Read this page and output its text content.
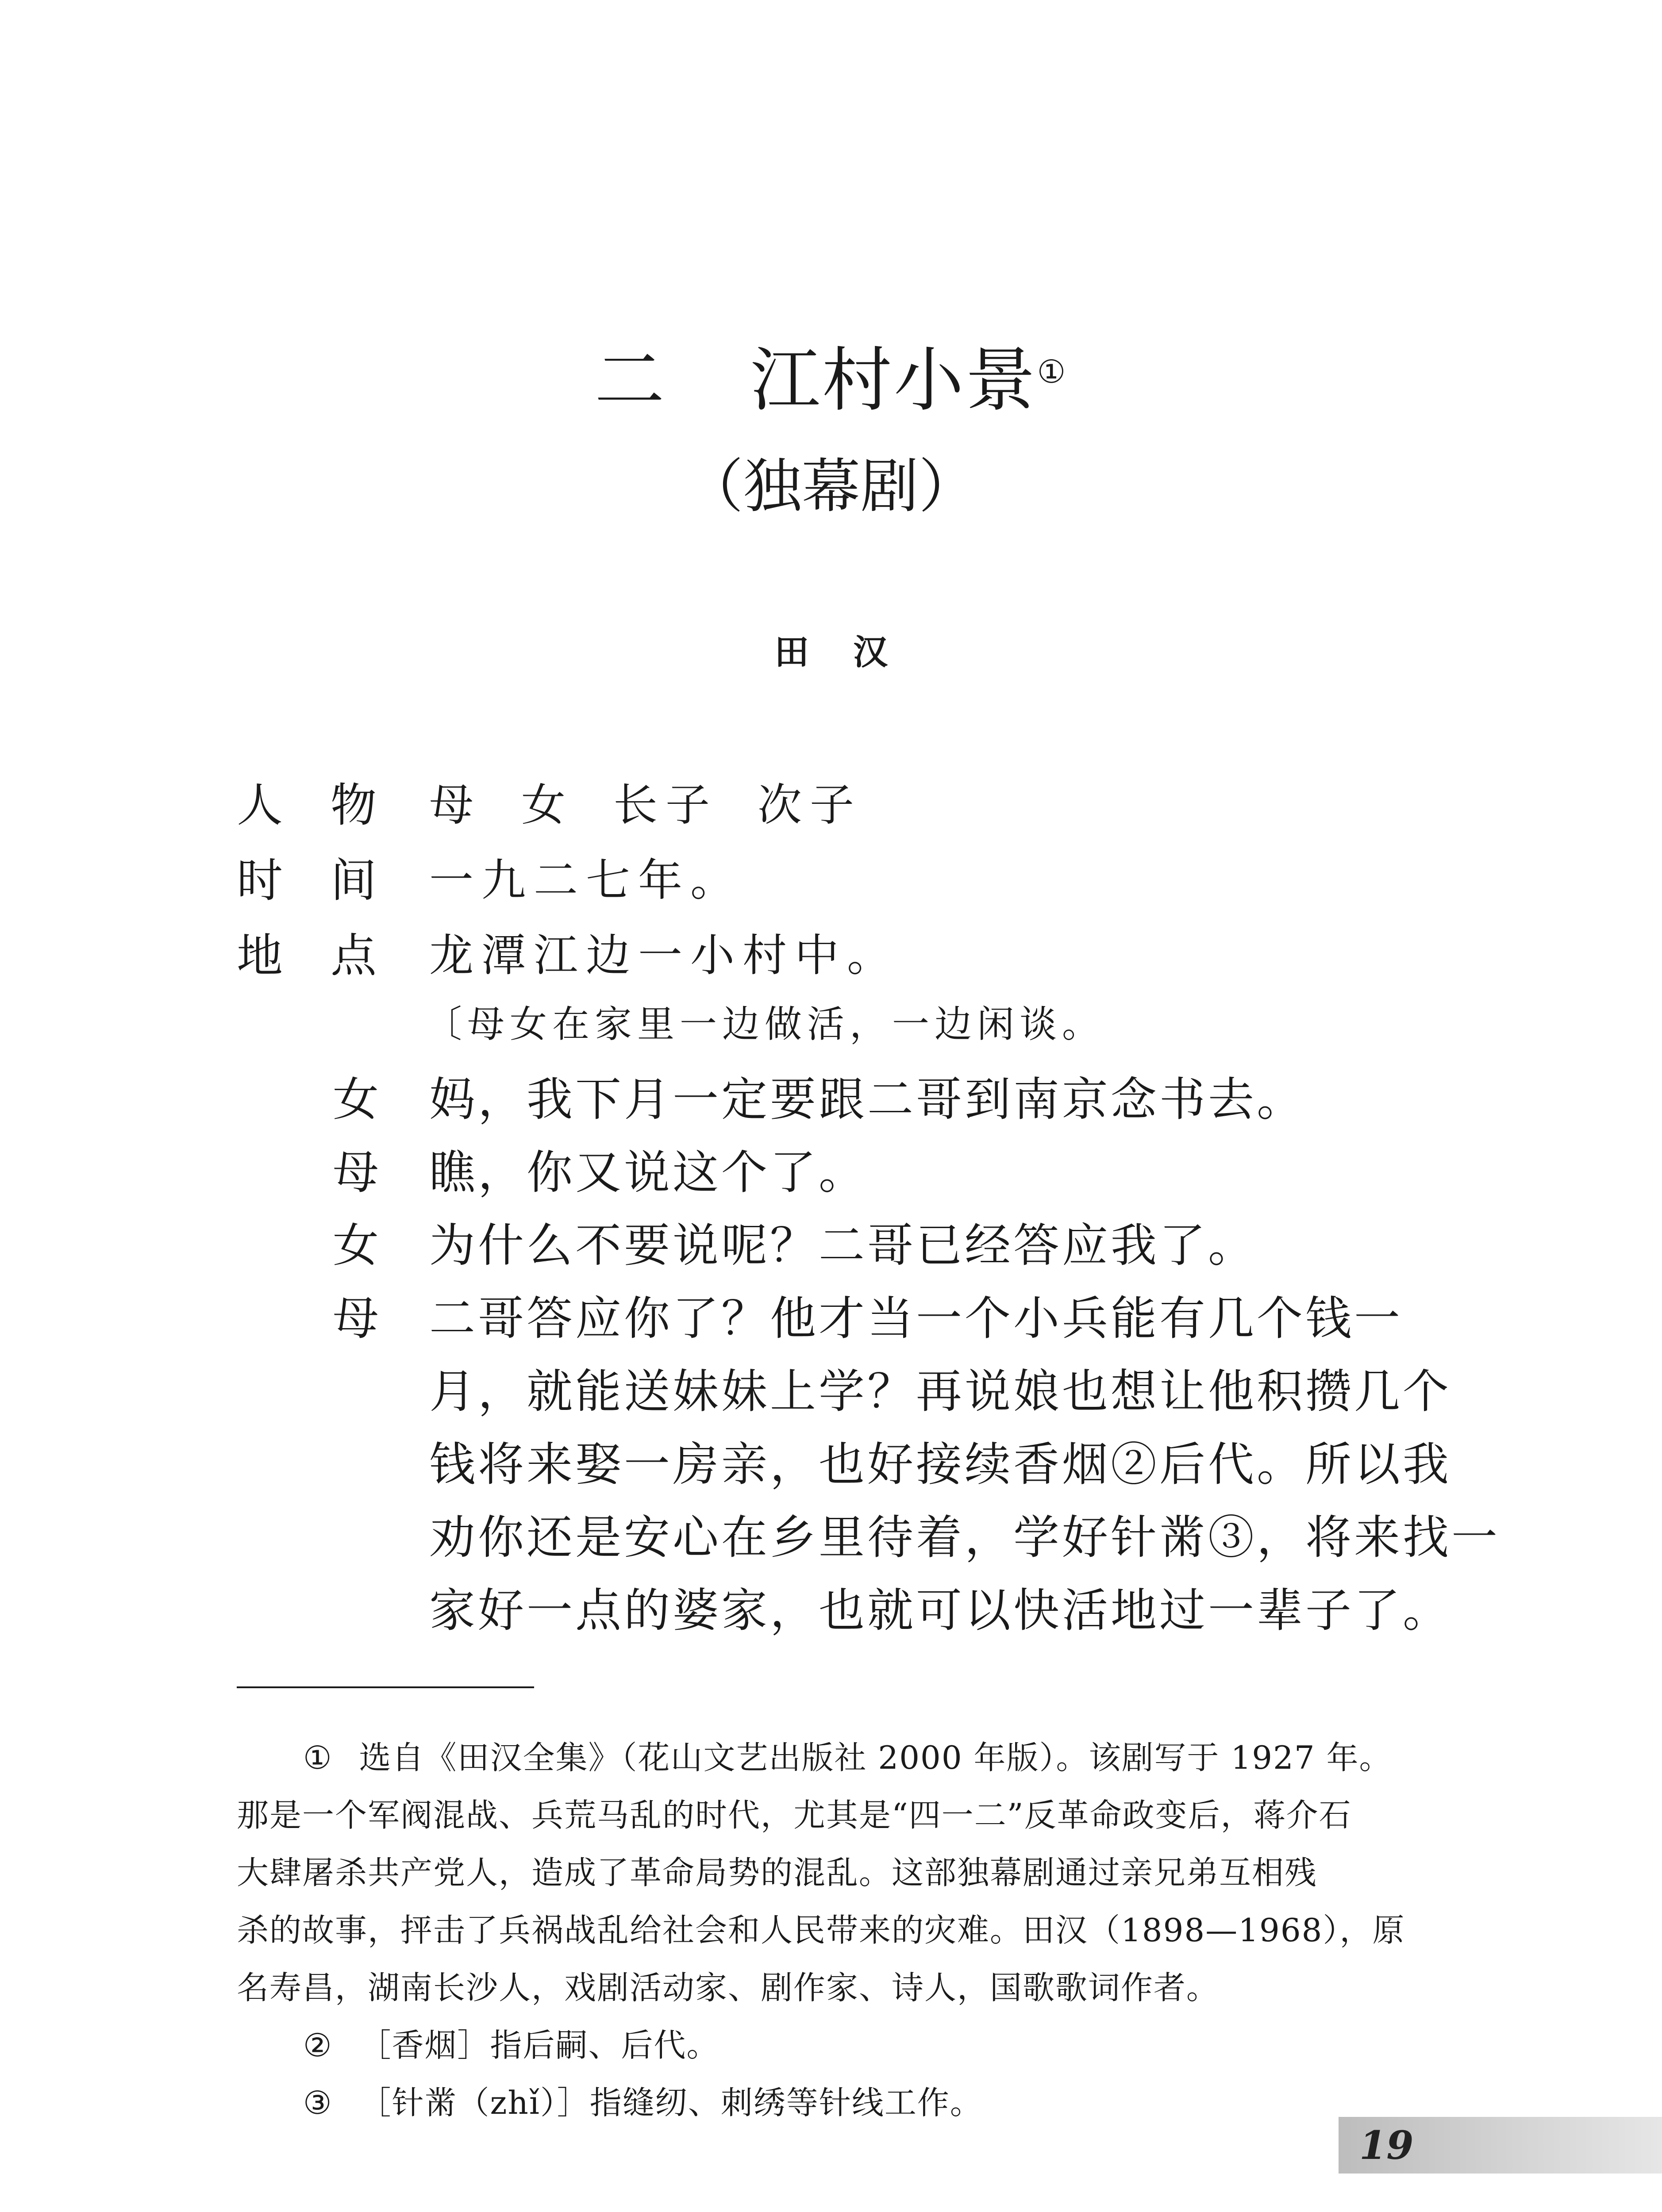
二 江村小景①
（独幕剧）
田汉
人物 母 女 长子 次子
时间 一九二七年。
地点 龙潭江边一小村中。
〔母女在家里一边做活，一边闲谈。
女 妈，我下月一定要跟二哥到南京念书去。
母 瞧，你又说这个了。
女 为什么不要说呢？二哥已经答应我了。
母 二哥答应你了？他才当一个小兵能有几个钱一
月，就能送妹妹上学？再说娘也想让他积攒几个
钱将来娶一房亲，也好接续香烟②后代。所以我
劝你还是安心在乡里待着，学好针黹③，将来找一
家好一点的婆家，也就可以快活地过一辈子了。
① 选自《田汉全集》（花山文艺出版社 2000 年版）。该剧写于 1927 年。
那是一个军阀混战、兵荒马乱的时代，尤其是“四一二”反革命政变后，蒋介石
大肆屠杀共产党人，造成了革命局势的混乱。这部独幕剧通过亲兄弟互相残
杀的故事，抨击了兵祸战乱给社会和人民带来的灾难。田汉（1898—1968），原
名寿昌，湖南长沙人，戏剧活动家、剧作家、诗人，国歌歌词作者。
② ［香烟］指后嗣、后代。
③ ［针黹（zhǐ）］指缝纫、刺绣等针线工作。
19
